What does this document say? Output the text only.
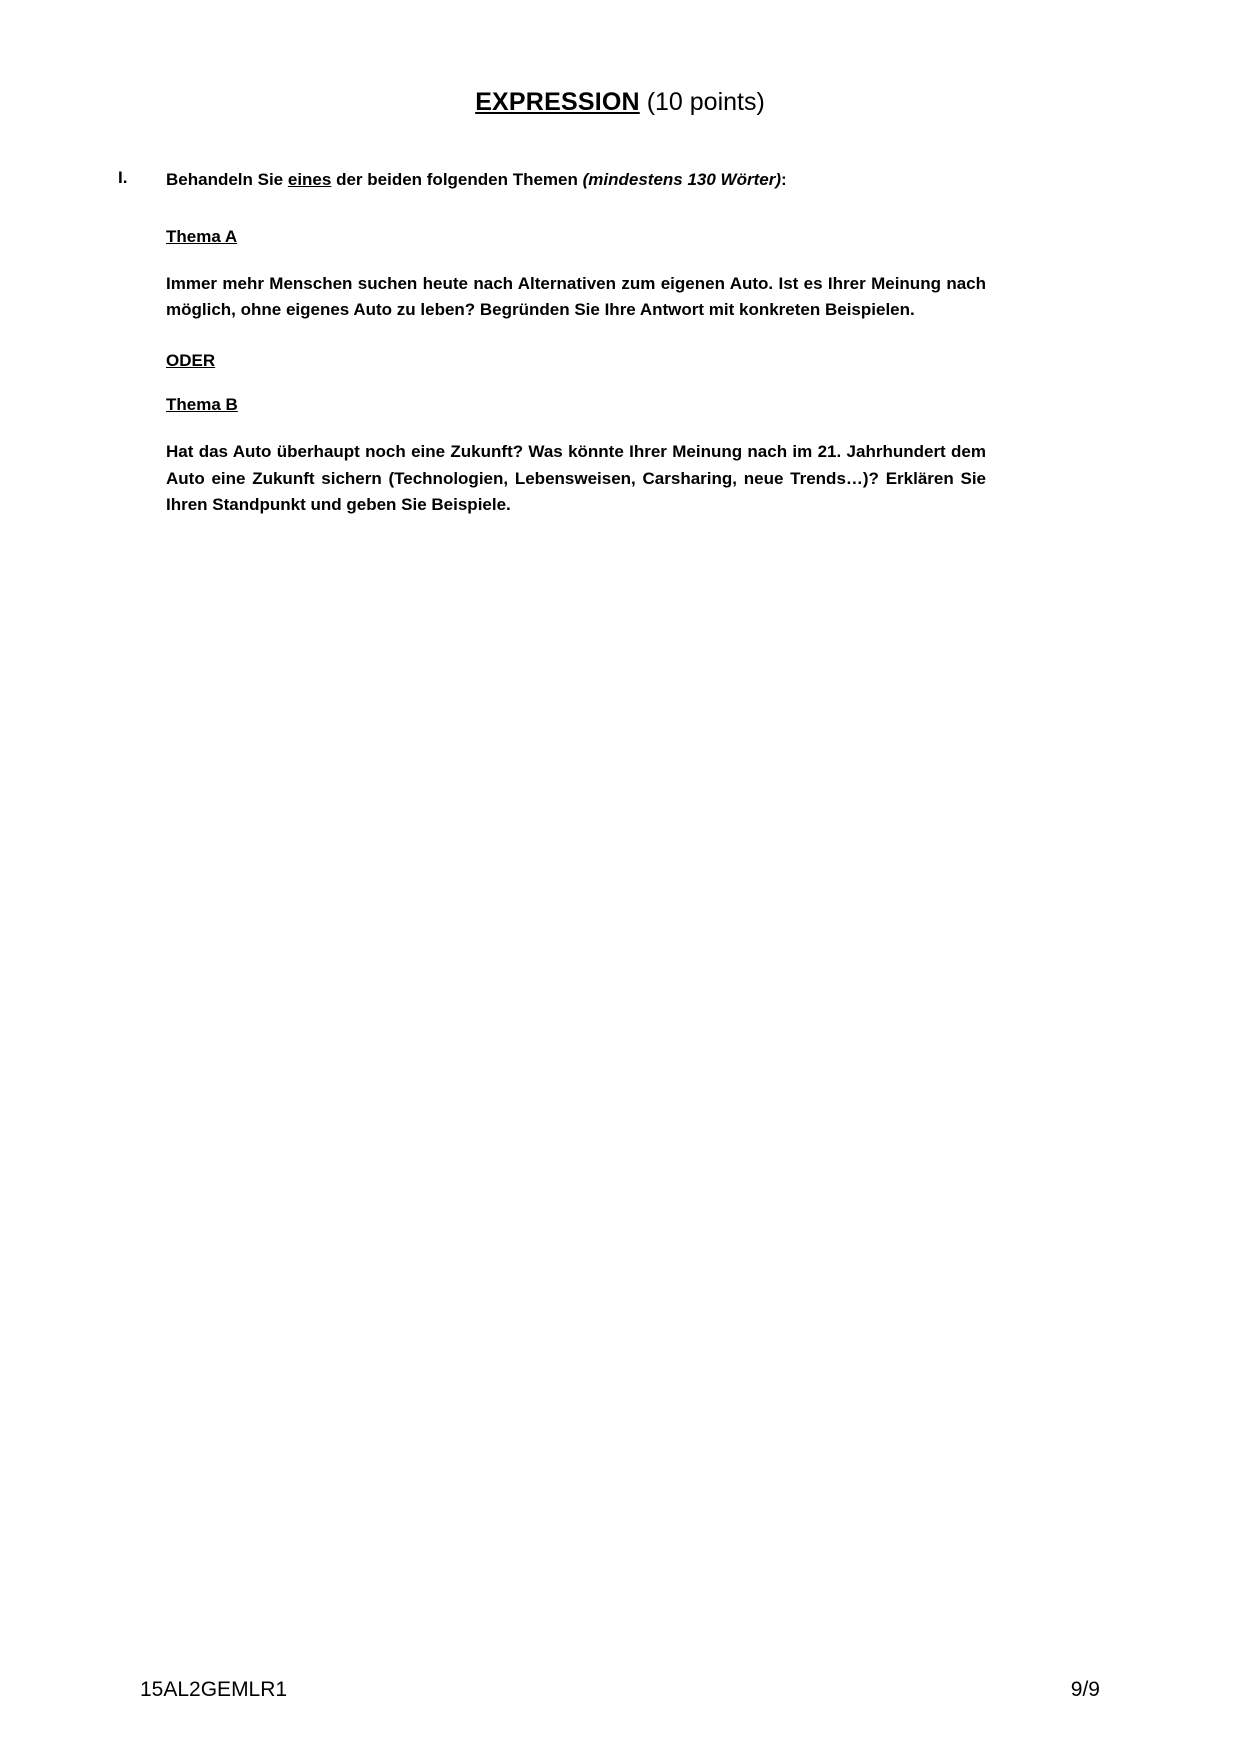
EXPRESSION (10 points)
I.	Behandeln Sie eines der beiden folgenden Themen (mindestens 130 Wörter):
Thema A
Immer mehr Menschen suchen heute nach Alternativen zum eigenen Auto. Ist es Ihrer Meinung nach möglich, ohne eigenes Auto zu leben? Begründen Sie Ihre Antwort mit konkreten Beispielen.
ODER
Thema B
Hat das Auto überhaupt noch eine Zukunft? Was könnte Ihrer Meinung nach im 21. Jahrhundert dem Auto eine Zukunft sichern (Technologien, Lebensweisen, Carsharing, neue Trends…)? Erklären Sie Ihren Standpunkt und geben Sie Beispiele.
15AL2GEMLR1	9/9
